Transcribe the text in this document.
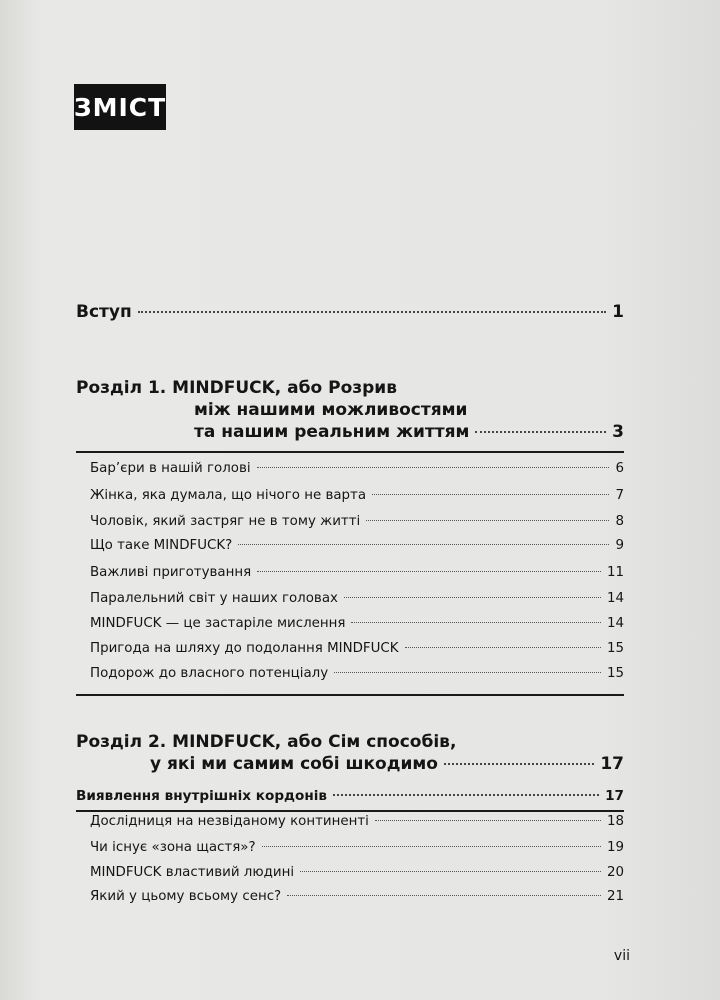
ЗМІСТ
Вступ	1
Розділ 1. MINDFUCK, або Розрив
між нашими можливостями
та нашим реальним життям	3
Бар’єри в нашій голові	6
Жінка, яка думала, що нічого не варта	7
Чоловік, який застряг не в тому житті	8
Що таке MINDFUCK?	9
Важливі приготування	11
Паралельний світ у наших головах	14
MINDFUCK — це застаріле мислення	14
Пригода на шляху до подолання MINDFUCK	15
Подорож до власного потенціалу	15
Розділ 2. MINDFUCK, або Сім способів,
у які ми самим собі шкодимо	17
Виявлення внутрішніх кордонів	17
Дослідниця на незвіданому континенті	18
Чи існує «зона щастя»?	19
MINDFUCK властивий людині	20
Який у цьому всьому сенс?	21
vii
